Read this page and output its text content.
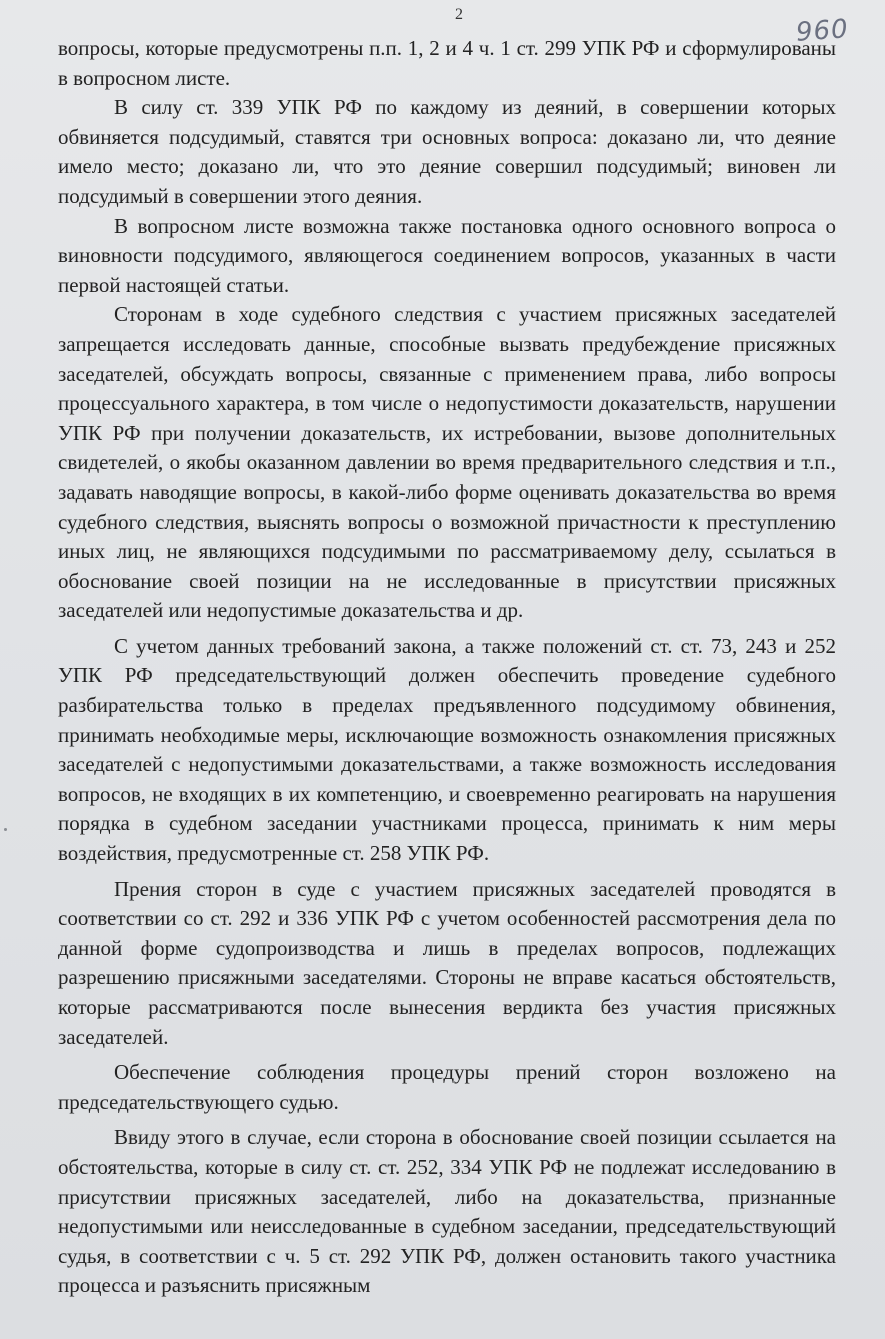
2	960

вопросы, которые предусмотрены п.п. 1, 2 и 4 ч. 1 ст. 299 УПК РФ и сформулированы в вопросном листе.

В силу ст. 339 УПК РФ по каждому из деяний, в совершении которых обвиняется подсудимый, ставятся три основных вопроса: доказано ли, что деяние имело место; доказано ли, что это деяние совершил подсудимый; виновен ли подсудимый в совершении этого деяния.

В вопросном листе возможна также постановка одного основного вопроса о виновности подсудимого, являющегося соединением вопросов, указанных в части первой настоящей статьи.

Сторонам в ходе судебного следствия с участием присяжных заседателей запрещается исследовать данные, способные вызвать предубеждение присяжных заседателей, обсуждать вопросы, связанные с применением права, либо вопросы процессуального характера, в том числе о недопустимости доказательств, нарушении УПК РФ при получении доказательств, их истребовании, вызове дополнительных свидетелей, о якобы оказанном давлении во время предварительного следствия и т.п., задавать наводящие вопросы, в какой-либо форме оценивать доказательства во время судебного следствия, выяснять вопросы о возможной причастности к преступлению иных лиц, не являющихся подсудимыми по рассматриваемому делу, ссылаться в обоснование своей позиции на не исследованные в присутствии присяжных заседателей или недопустимые доказательства и др.

С учетом данных требований закона, а также положений ст. ст. 73, 243 и 252 УПК РФ председательствующий должен обеспечить проведение судебного разбирательства только в пределах предъявленного подсудимому обвинения, принимать необходимые меры, исключающие возможность ознакомления присяжных заседателей с недопустимыми доказательствами, а также возможность исследования вопросов, не входящих в их компетенцию, и своевременно реагировать на нарушения порядка в судебном заседании участниками процесса, принимать к ним меры воздействия, предусмотренные ст. 258 УПК РФ.

Прения сторон в суде с участием присяжных заседателей проводятся в соответствии со ст. 292 и 336 УПК РФ с учетом особенностей рассмотрения дела по данной форме судопроизводства и лишь в пределах вопросов, подлежащих разрешению присяжными заседателями. Стороны не вправе касаться обстоятельств, которые рассматриваются после вынесения вердикта без участия присяжных заседателей.

Обеспечение соблюдения процедуры прений сторон возложено на председательствующего судью.

Ввиду этого в случае, если сторона в обоснование своей позиции ссылается на обстоятельства, которые в силу ст. ст. 252, 334 УПК РФ не подлежат исследованию в присутствии присяжных заседателей, либо на доказательства, признанные недопустимыми или неисследованные в судебном заседании, председательствующий судья, в соответствии с ч. 5 ст. 292 УПК РФ, должен остановить такого участника процесса и разъяснить присяжным
